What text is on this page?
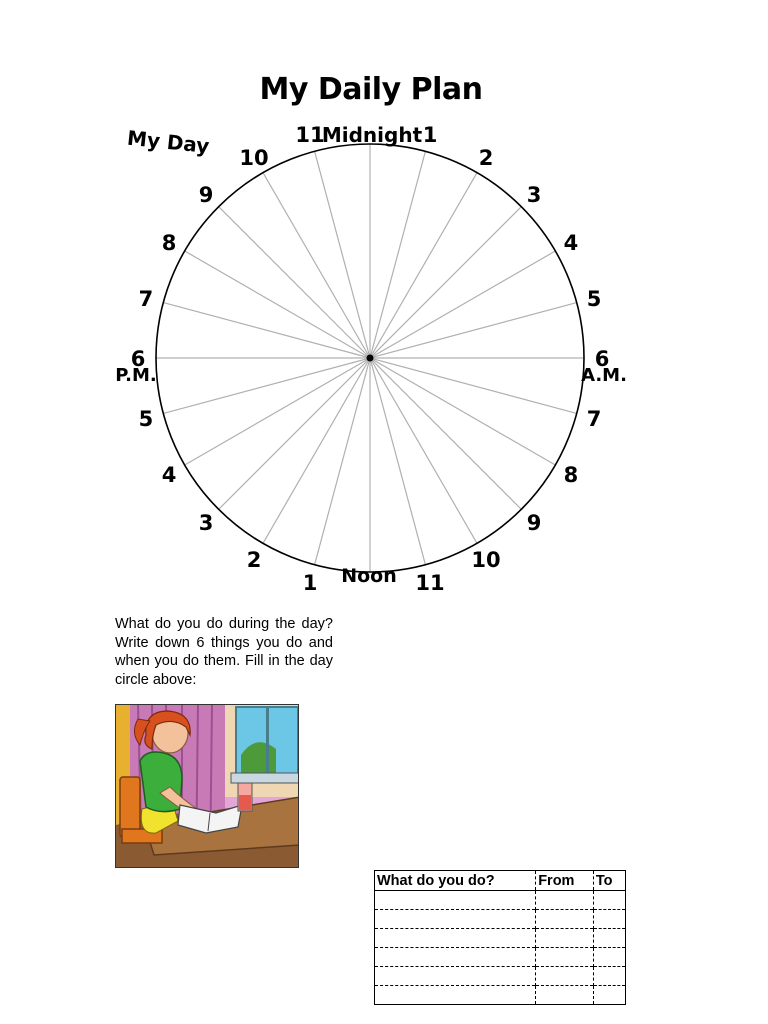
My Daily Plan
My Day	Midnight
Noon
A.M.
P.M.
1
2
3
4
5
6
7
8
9
10
11
1
2
3
4
5
6
7
8
9
10
11

What do you do during the day? Write down 6 things you do and when you do them. Fill in the day circle above:

What do you do?	From	To
